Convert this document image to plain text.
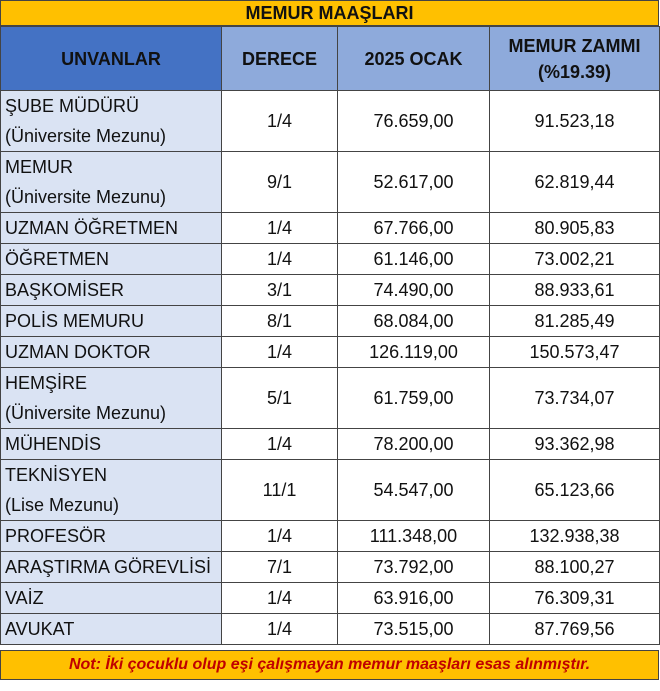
MEMUR MAAŞLARI
UNVANLAR	DERECE	2025 OCAK	MEMUR ZAMMI
(%19.39)
ŞUBE MÜDÜRÜ
(Üniversite Mezunu)	1/4	76.659,00	91.523,18
MEMUR
(Üniversite Mezunu)	9/1	52.617,00	62.819,44
UZMAN ÖĞRETMEN	1/4	67.766,00	80.905,83
ÖĞRETMEN	1/4	61.146,00	73.002,21
BAŞKOMİSER	3/1	74.490,00	88.933,61
POLİS MEMURU	8/1	68.084,00	81.285,49
UZMAN DOKTOR	1/4	126.119,00	150.573,47
HEMŞİRE
(Üniversite Mezunu)	5/1	61.759,00	73.734,07
MÜHENDİS	1/4	78.200,00	93.362,98
TEKNİSYEN
(Lise Mezunu)	11/1	54.547,00	65.123,66
PROFESÖR	1/4	111.348,00	132.938,38
ARAŞTIRMA GÖREVLİSİ	7/1	73.792,00	88.100,27
VAİZ	1/4	63.916,00	76.309,31
AVUKAT	1/4	73.515,00	87.769,56
Not: İki çocuklu olup eşi çalışmayan memur maaşları esas alınmıştır.
